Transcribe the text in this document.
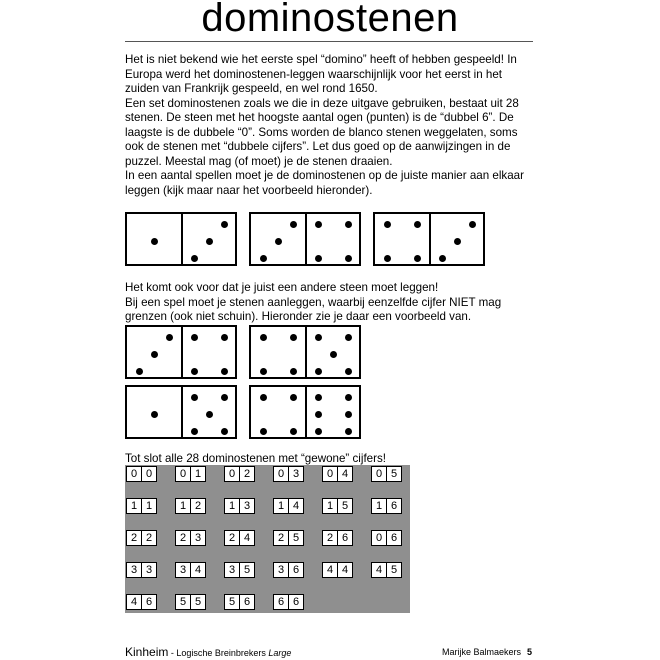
dominostenen
Het is niet bekend wie het eerste spel “domino” heeft of hebben gespeeld! In Europa werd het dominostenen-leggen waarschijnlijk voor het eerst in het zuiden van Frankrijk gespeeld, en wel rond 1650.
Een set dominostenen zoals we die in deze uitgave gebruiken, bestaat uit 28 stenen. De steen met het hoogste aantal ogen (punten) is de “dubbel 6”. De laagste is de dubbele “0”. Soms worden de blanco stenen weggelaten, soms ook de stenen met “dubbele cijfers”. Let dus goed op de aanwijzingen in de puzzel. Meestal mag (of moet) je de stenen draaien.
In een aantal spellen moet je de dominostenen op de juiste manier aan elkaar leggen (kijk maar naar het voorbeeld hieronder).
Het komt ook voor dat je juist een andere steen moet leggen!
Bij een spel moet je stenen aanleggen, waarbij eenzelfde cijfer NIET mag grenzen (ook niet schuin). Hieronder zie je daar een voorbeeld van.
Tot slot alle 28 dominostenen met “gewone” cijfers!
0 0	0 1	0 2	0 3	0 4	0 5
1 1	1 2	1 3	1 4	1 5	1 6
2 2	2 3	2 4	2 5	2 6	0 6
3 3	3 4	3 5	3 6	4 4	4 5
4 6	5 5	5 6	6 6
Kinheim - Logische Breinbrekers Large	Marijke Balmaekers 5
